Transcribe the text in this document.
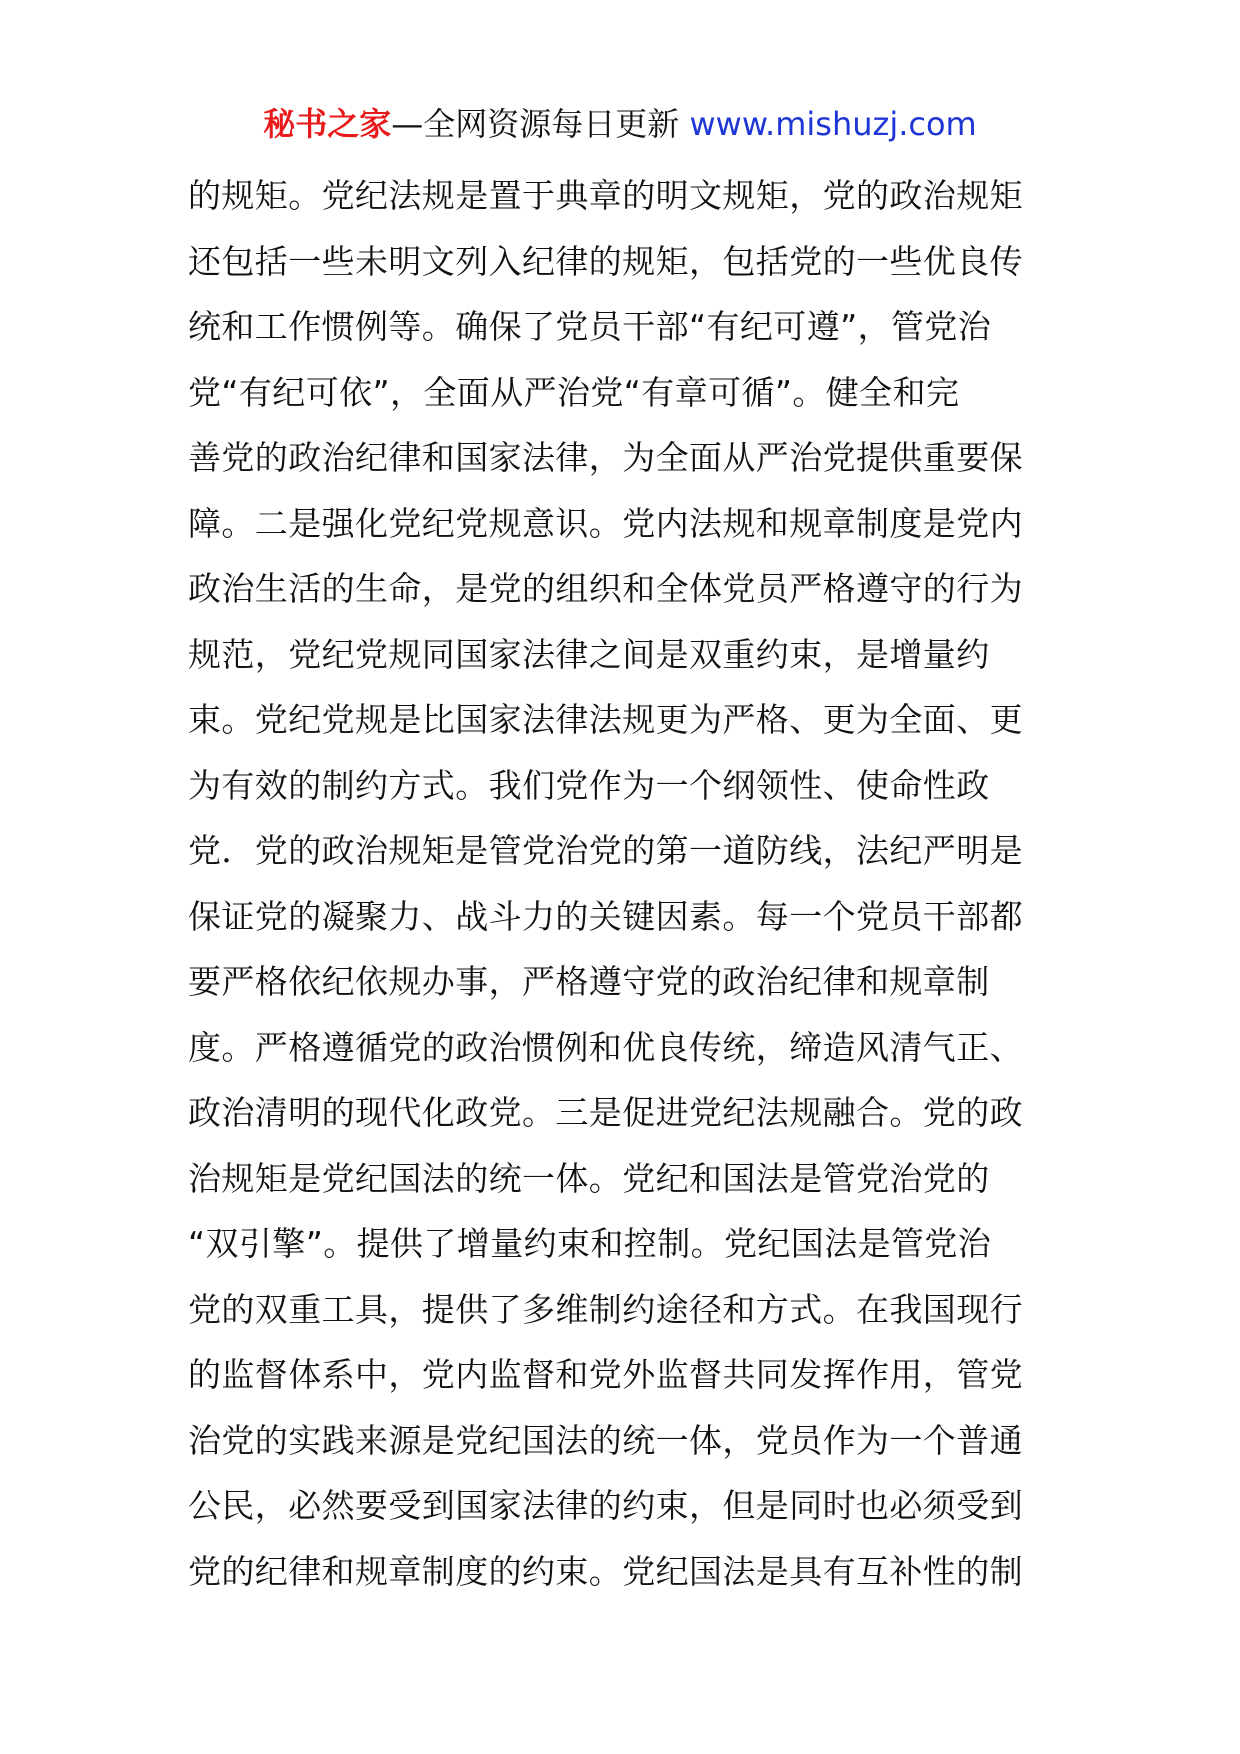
秘书之家—全网资源每日更新 www.mishuzj.com
的规矩。党纪法规是置于典章的明文规矩，党的政治规矩
还包括一些未明文列入纪律的规矩，包括党的一些优良传
统和工作惯例等。确保了党员干部“有纪可遵”，管党治
党“有纪可依”，全面从严治党“有章可循”。健全和完
善党的政治纪律和国家法律，为全面从严治党提供重要保
障。二是强化党纪党规意识。党内法规和规章制度是党内
政治生活的生命，是党的组织和全体党员严格遵守的行为
规范，党纪党规同国家法律之间是双重约束，是增量约
束。党纪党规是比国家法律法规更为严格、更为全面、更
为有效的制约方式。我们党作为一个纲领性、使命性政
党．党的政治规矩是管党治党的第一道防线，法纪严明是
保证党的凝聚力、战斗力的关键因素。每一个党员干部都
要严格依纪依规办事，严格遵守党的政治纪律和规章制
度。严格遵循党的政治惯例和优良传统，缔造风清气正、
政治清明的现代化政党。三是促进党纪法规融合。党的政
治规矩是党纪国法的统一体。党纪和国法是管党治党的
“双引擎”。提供了增量约束和控制。党纪国法是管党治
党的双重工具，提供了多维制约途径和方式。在我国现行
的监督体系中，党内监督和党外监督共同发挥作用，管党
治党的实践来源是党纪国法的统一体，党员作为一个普通
公民，必然要受到国家法律的约束，但是同时也必须受到
党的纪律和规章制度的约束。党纪国法是具有互补性的制
